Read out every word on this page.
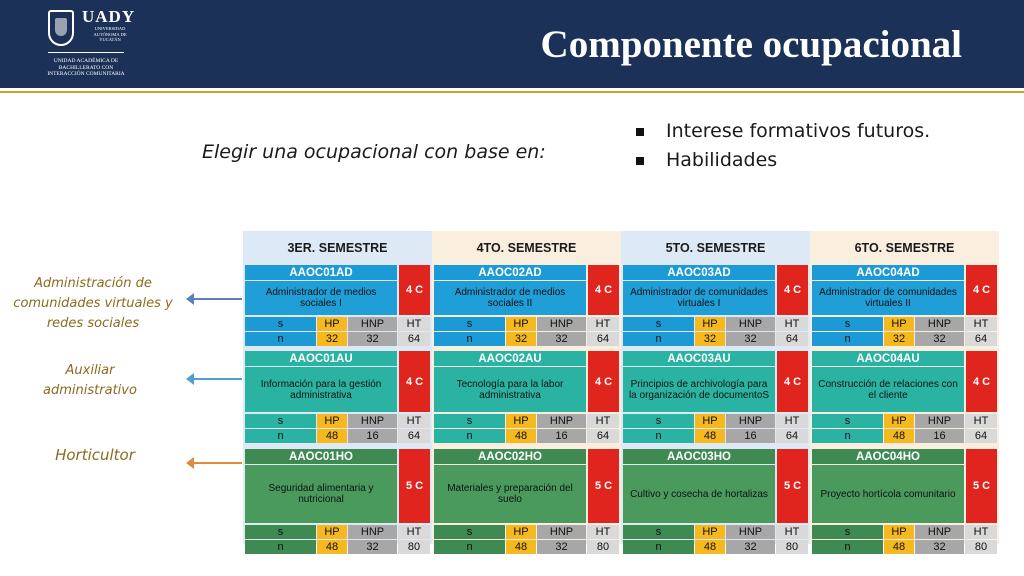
UADY
UNIVERSIDAD AUTÓNOMA DE YUCATÁN
UNIDAD ACADÉMICA DE BACHILLERATO CON INTERACCIÓN COMUNITARIA
Componente ocupacional
Elegir una ocupacional con base en:
Interese formativos futuros.
Habilidades
Administración de comunidades virtuales y redes sociales
Auxiliar administrativo
Horticultor
3ER. SEMESTRE
AAOC01AD
Administrador de medios sociales I
4 C
s	HP	HNP	HT
n	32	32	64
AAOC01AU
Información para la gestión administrativa
4 C
s	HP	HNP	HT
n	48	16	64
AAOC01HO
Seguridad alimentaria y nutricional
5 C
s	HP	HNP	HT
n	48	32	80
4TO. SEMESTRE
AAOC02AD
Administrador de medios sociales II
4 C
s	HP	HNP	HT
n	32	32	64
AAOC02AU
Tecnología para la labor administrativa
4 C
s	HP	HNP	HT
n	48	16	64
AAOC02HO
Materiales y preparación del suelo
5 C
s	HP	HNP	HT
n	48	32	80
5TO. SEMESTRE
AAOC03AD
Administrador de comunidades virtuales I
4 C
s	HP	HNP	HT
n	32	32	64
AAOC03AU
Principios de archivología para la organización de documentoS
4 C
s	HP	HNP	HT
n	48	16	64
AAOC03HO
Cultivo y cosecha de hortalizas
5 C
s	HP	HNP	HT
n	48	32	80
6TO. SEMESTRE
AAOC04AD
Administrador de comunidades virtuales II
4 C
s	HP	HNP	HT
n	32	32	64
AAOC04AU
Construcción de relaciones con el cliente
4 C
s	HP	HNP	HT
n	48	16	64
AAOC04HO
Proyecto hortícola comunitario
5 C
s	HP	HNP	HT
n	48	32	80
